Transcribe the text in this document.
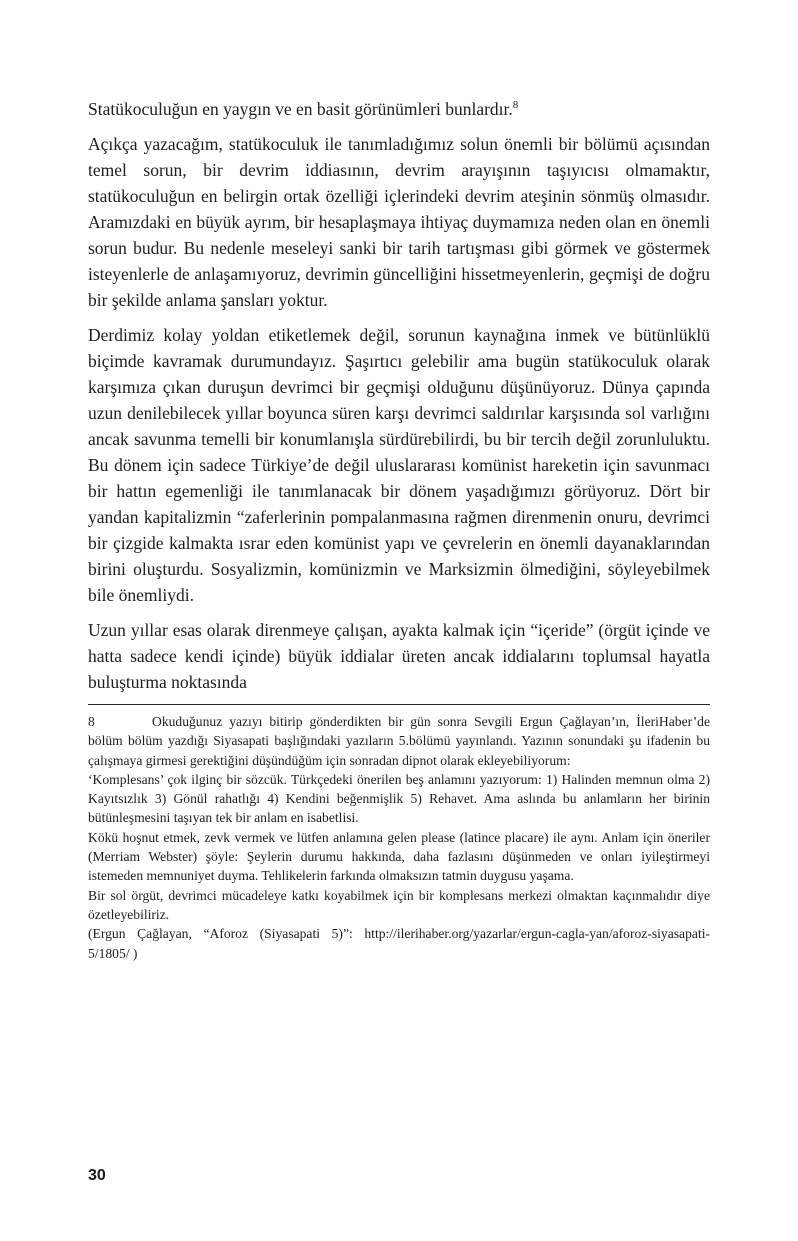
Statükoculuğun en yaygın ve en basit görünümleri bunlardır.$^8$

Açıkça yazacağım, statükoculuk ile tanımladığımız solun önemli bir bölümü açısından temel sorun, bir devrim iddiasının, devrim arayışının taşıyıcısı olmamaktır, statükoculuğun en belirgin ortak özelliği içlerindeki devrim ateşinin sönmüş olmasıdır. Aramızdaki en büyük ayrım, bir hesaplaşmaya ihtiyaç duymamıza neden olan en önemli sorun budur. Bu nedenle meseleyi sanki bir tarih tartışması gibi görmek ve göstermek isteyenlerle de anlaşamıyoruz, devrimin güncelliğini hissetmeyenlerin, geçmişi de doğru bir şekilde anlama şansları yoktur.

Derdimiz kolay yoldan etiketlemek değil, sorunun kaynağına inmek ve bütünlüklü biçimde kavramak durumundayız. Şaşırtıcı gelebilir ama bugün statükoculuk olarak karşımıza çıkan duruşun devrimci bir geçmişi olduğunu düşünüyoruz. Dünya çapında uzun denilebilecek yıllar boyunca süren karşı devrimci saldırılar karşısında sol varlığını ancak savunma temelli bir konumlanışla sürdürebilirdi, bu bir tercih değil zorunluluktu. Bu dönem için sadece Türkiye’de değil uluslararası komünist hareketin için savunmacı bir hattın egemenliği ile tanımlanacak bir dönem yaşadığımızı görüyoruz. Dört bir yandan kapitalizmin “zaferlerinin pompalanmasına rağmen direnmenin onuru, devrimci bir çizgide kalmakta ısrar eden komünist yapı ve çevrelerin en önemli dayanaklarından birini oluşturdu. Sosyalizmin, komünizmin ve Marksizmin ölmediğini, söyleyebilmek bile önemliydi.

Uzun yıllar esas olarak direnmeye çalışan, ayakta kalmak için “içeride” (örgüt içinde ve hatta sadece kendi içinde) büyük iddialar üreten ancak iddialarını toplumsal hayatla buluşturma noktasında

8	Okuduğunuz yazıyı bitirip gönderdikten bir gün sonra Sevgili Ergun Çağlayan’ın, İleriHaber’de bölüm bölüm yazdığı Siyasapati başlığındaki yazıların 5.bölümü yayınlandı. Yazının sonundaki şu ifadenin bu çalışmaya girmesi gerektiğini düşündüğüm için sonradan dipnot olarak ekleyebiliyorum:

‘Komplesans’ çok ilginç bir sözcük. Türkçedeki önerilen beş anlamını yazıyorum: 1) Halinden memnun olma 2) Kayıtsızlık 3) Gönül rahatlığı 4) Kendini beğenmişlik 5) Rehavet. Ama aslında bu anlamların her birinin bütünleşmesini taşıyan tek bir anlam en isabetlisi.

Kökü hoşnut etmek, zevk vermek ve lütfen anlamına gelen please (latince placare) ile aynı. Anlam için öneriler (Merriam Webster) şöyle: Şeylerin durumu hakkında, daha fazlasını düşünmeden ve onları iyileştirmeyi istemeden memnuniyet duyma. Tehlikelerin farkında olmaksızın tatmin duygusu yaşama.

Bir sol örgüt, devrimci mücadeleye katkı koyabilmek için bir komplesans merkezi olmaktan kaçınmalıdır diye özetleyebiliriz.

(Ergun Çağlayan, “Aforoz (Siyasapati 5)”: http://ilerihaber.org/yazarlar/ergun-cagla-yan/aforoz-siyasapati-5/1805/ )

30
